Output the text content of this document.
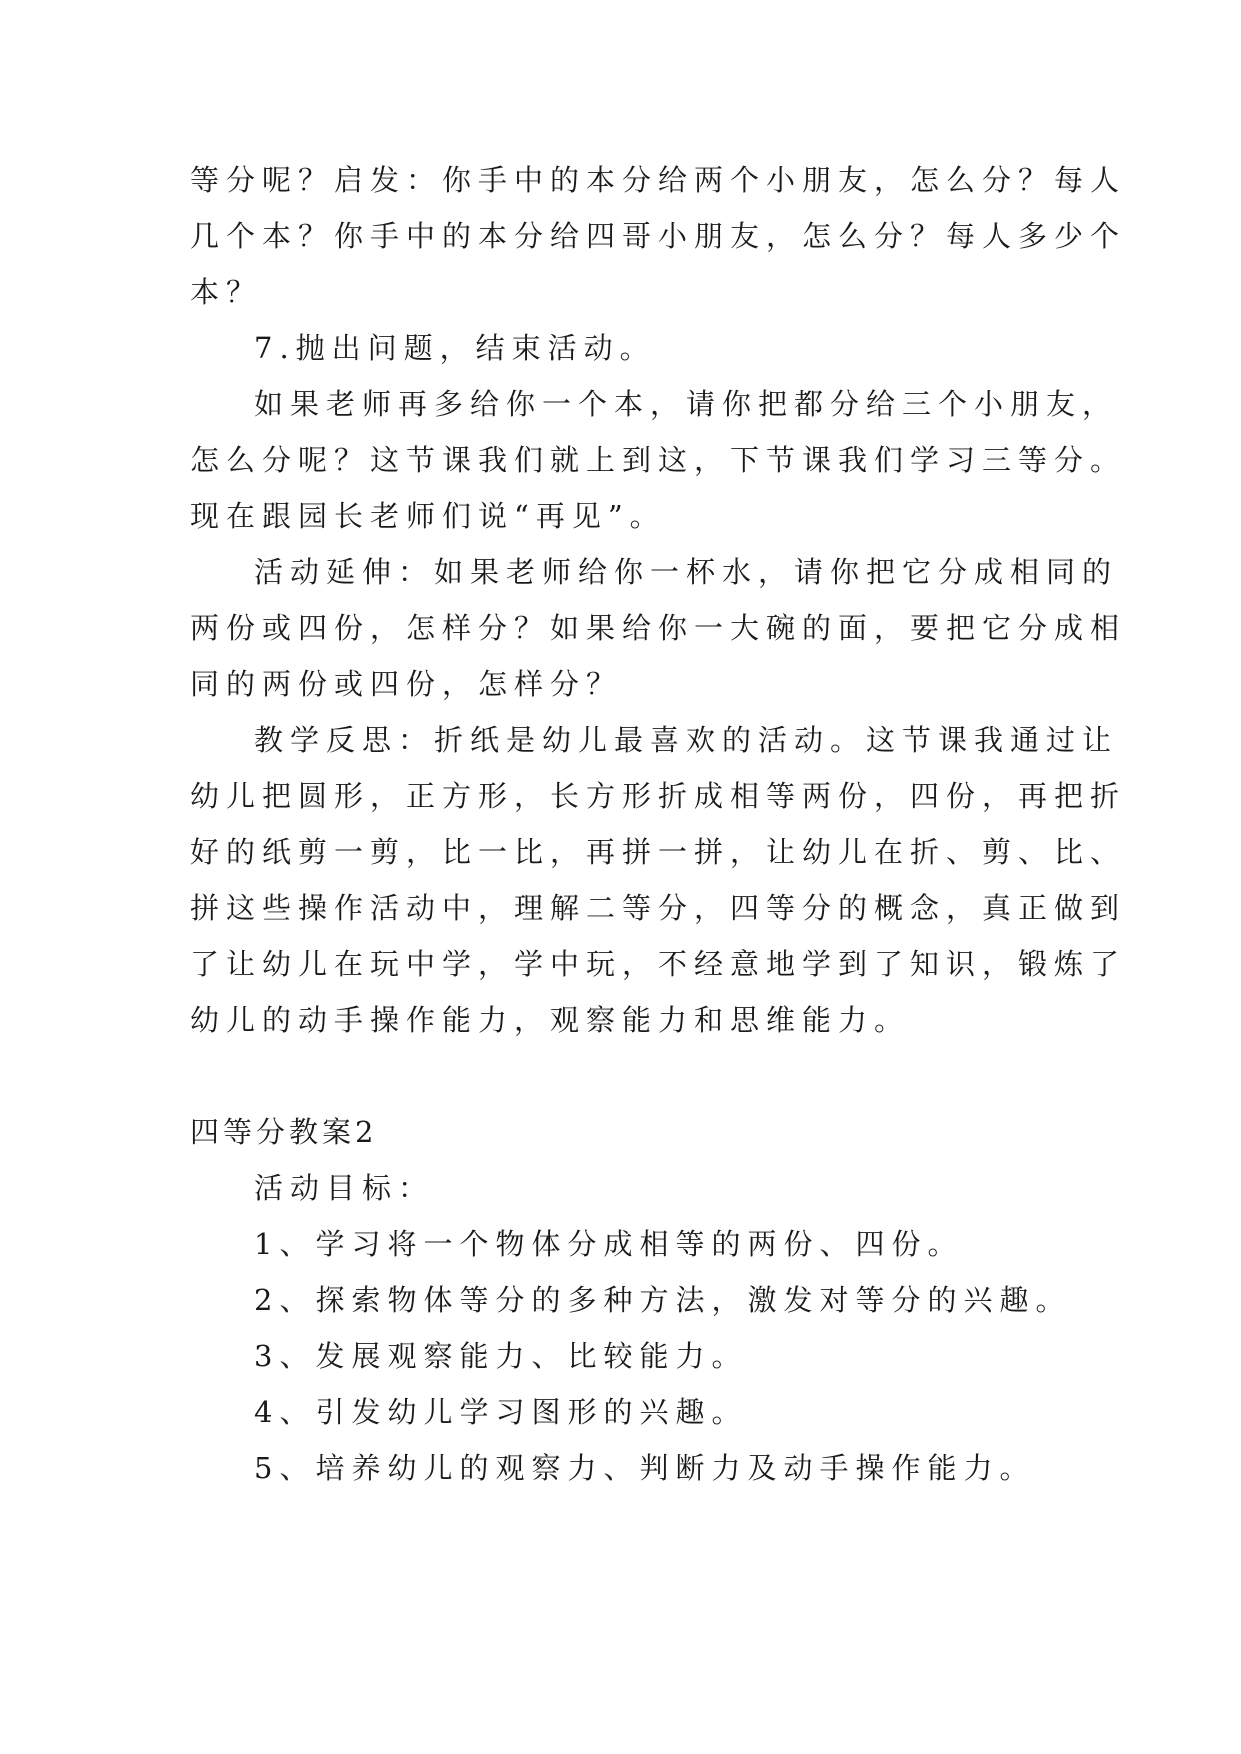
等分呢？启发：你手中的本分给两个小朋友，怎么分？每人
几个本？你手中的本分给四哥小朋友，怎么分？每人多少个
本？
7.抛出问题，结束活动。
如果老师再多给你一个本，请你把都分给三个小朋友，
怎么分呢？这节课我们就上到这，下节课我们学习三等分。
现在跟园长老师们说“再见”。
活动延伸：如果老师给你一杯水，请你把它分成相同的
两份或四份，怎样分？如果给你一大碗的面，要把它分成相
同的两份或四份，怎样分？
教学反思：折纸是幼儿最喜欢的活动。这节课我通过让
幼儿把圆形，正方形，长方形折成相等两份，四份，再把折
好的纸剪一剪，比一比，再拼一拼，让幼儿在折、剪、比、
拼这些操作活动中，理解二等分，四等分的概念，真正做到
了让幼儿在玩中学，学中玩，不经意地学到了知识，锻炼了
幼儿的动手操作能力，观察能力和思维能力。
四等分教案2
活动目标：
1、学习将一个物体分成相等的两份、四份。
2、探索物体等分的多种方法，激发对等分的兴趣。
3、发展观察能力、比较能力。
4、引发幼儿学习图形的兴趣。
5、培养幼儿的观察力、判断力及动手操作能力。
